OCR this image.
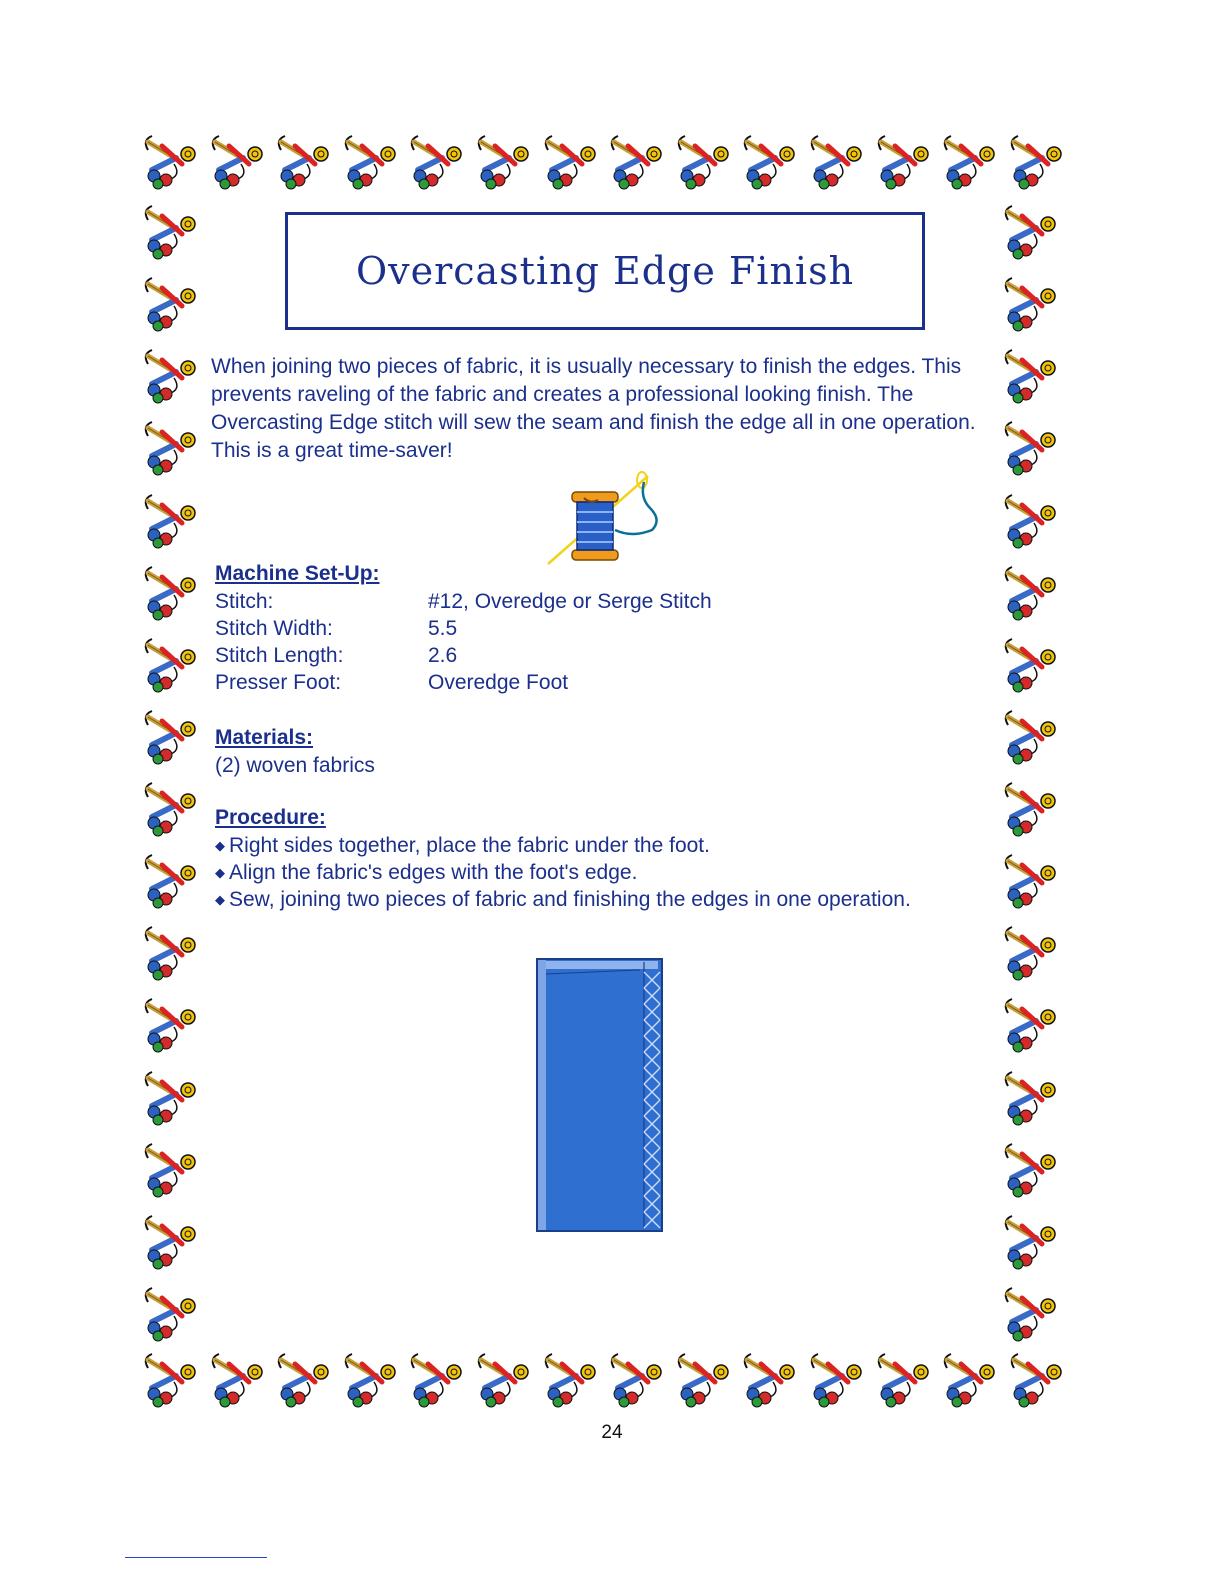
Overcasting Edge Finish

When joining two pieces of fabric, it is usually necessary to finish the edges. This prevents raveling of the fabric and creates a professional looking finish. The Overcasting Edge stitch will sew the seam and finish the edge all in one operation. This is a great time-saver!

Machine Set-Up:
Stitch:	#12, Overedge or Serge Stitch
Stitch Width:	5.5
Stitch Length:	2.6
Presser Foot:	Overedge Foot
Materials:

(2) woven fabrics

Procedure:
◆ Right sides together, place the fabric under the foot.
◆ Align the fabric's edges with the foot's edge.
◆ Sew, joining two pieces of fabric and finishing the edges in one operation.
24
